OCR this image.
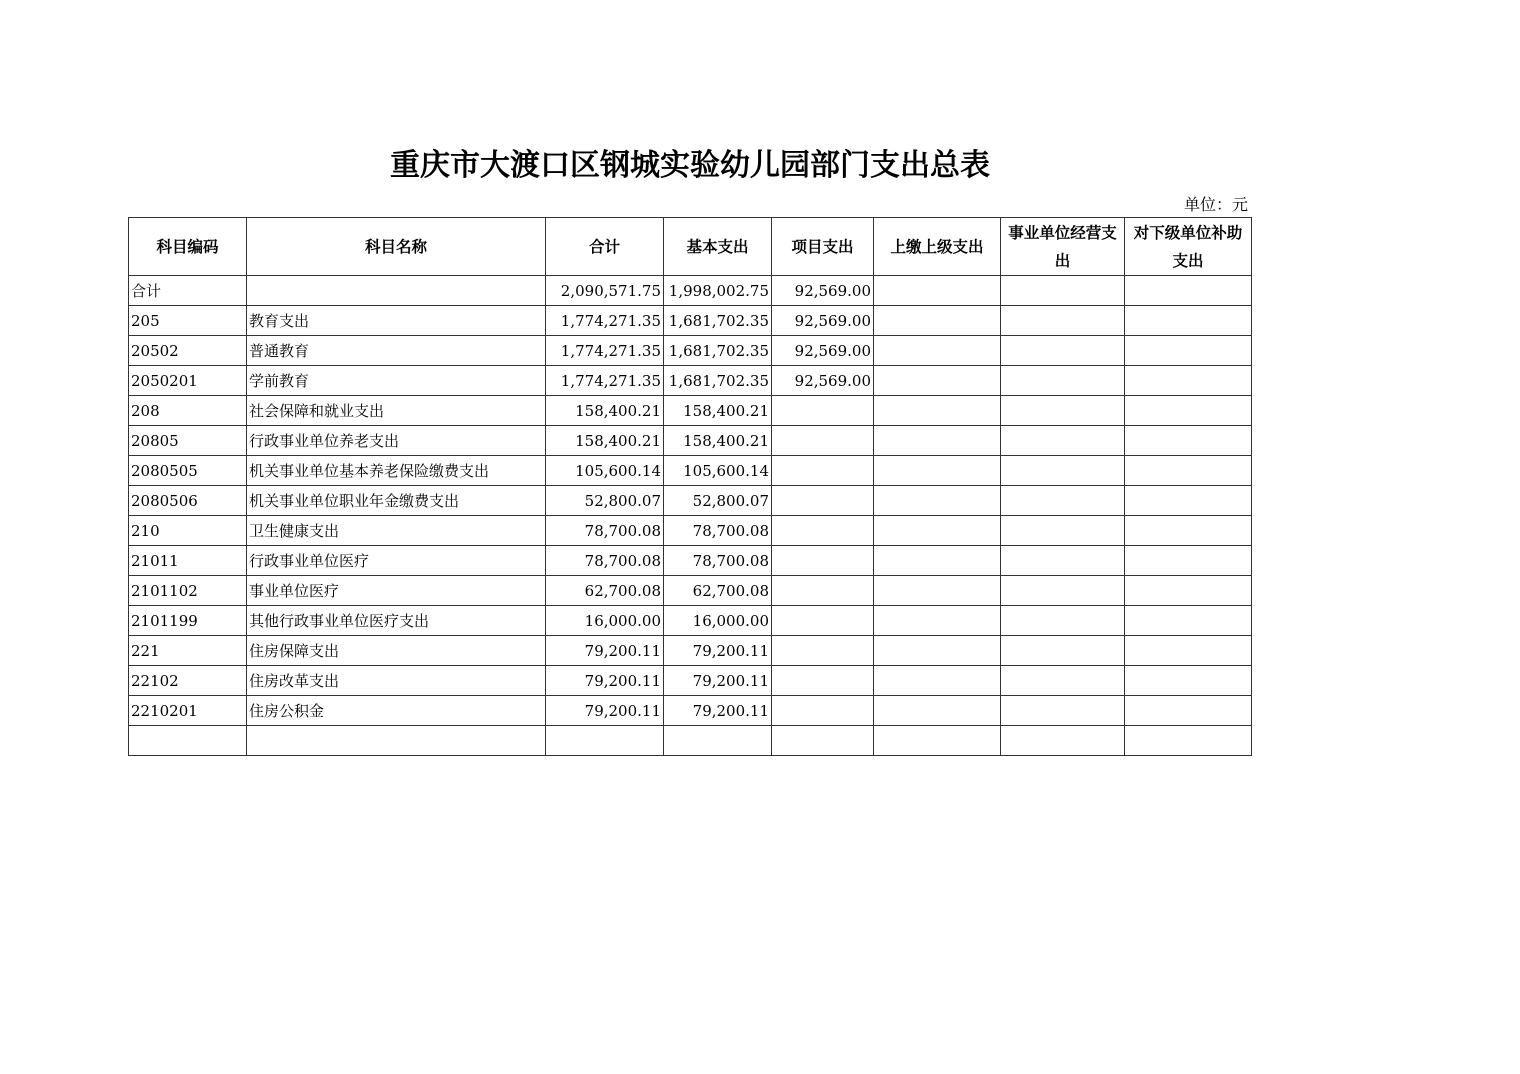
重庆市大渡口区钢城实验幼儿园部门支出总表
单位：元
科目编码	科目名称	合计	基本支出	项目支出	上缴上级支出	事业单位经营支出	对下级单位补助支出
合计		2,090,571.75	1,998,002.75	92,569.00			
205	教育支出	1,774,271.35	1,681,702.35	92,569.00			
20502	普通教育	1,774,271.35	1,681,702.35	92,569.00			
2050201	学前教育	1,774,271.35	1,681,702.35	92,569.00			
208	社会保障和就业支出	158,400.21	158,400.21				
20805	行政事业单位养老支出	158,400.21	158,400.21				
2080505	机关事业单位基本养老保险缴费支出	105,600.14	105,600.14				
2080506	机关事业单位职业年金缴费支出	52,800.07	52,800.07				
210	卫生健康支出	78,700.08	78,700.08				
21011	行政事业单位医疗	78,700.08	78,700.08				
2101102	事业单位医疗	62,700.08	62,700.08				
2101199	其他行政事业单位医疗支出	16,000.00	16,000.00				
221	住房保障支出	79,200.11	79,200.11				
22102	住房改革支出	79,200.11	79,200.11				
2210201	住房公积金	79,200.11	79,200.11				
